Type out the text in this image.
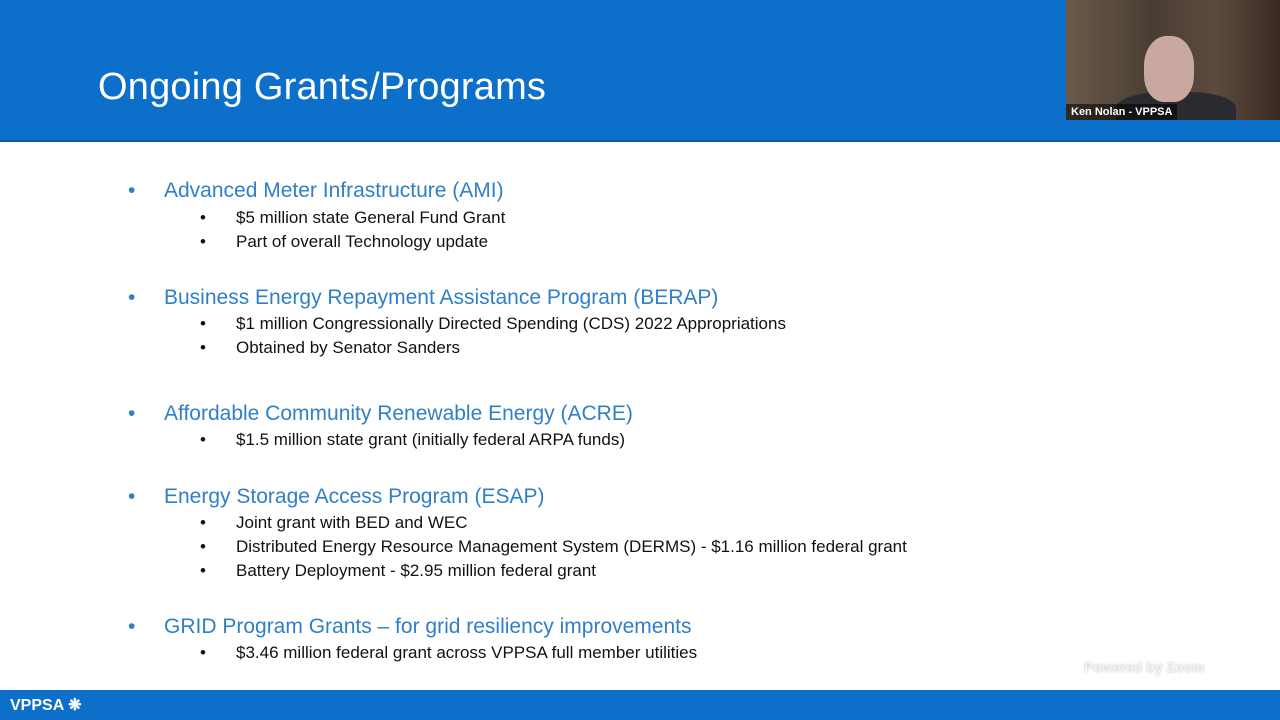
Ongoing Grants/Programs
Ken Nolan - VPPSA
• Advanced Meter Infrastructure (AMI)
• $5 million state General Fund Grant
• Part of overall Technology update
• Business Energy Repayment Assistance Program (BERAP)
• $1 million Congressionally Directed Spending (CDS) 2022 Appropriations
• Obtained by Senator Sanders
• Affordable Community Renewable Energy (ACRE)
• $1.5 million state grant (initially federal ARPA funds)
• Energy Storage Access Program (ESAP)
• Joint grant with BED and WEC
• Distributed Energy Resource Management System (DERMS) - $1.16 million federal grant
• Battery Deployment - $2.95 million federal grant
• GRID Program Grants – for grid resiliency improvements
• $3.46 million federal grant across VPPSA full member utilities
Powered by Zoom
VPPSA ❋
